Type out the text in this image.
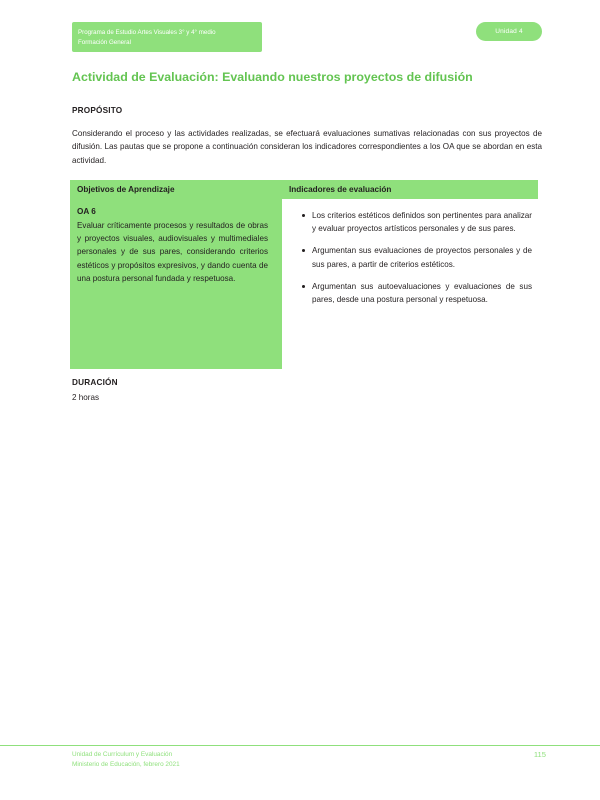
Programa de Estudio Artes Visuales 3° y 4° medio
Formación General
Unidad 4
Actividad de Evaluación: Evaluando nuestros proyectos de difusión
PROPÓSITO
Considerando el proceso y las actividades realizadas, se efectuará evaluaciones sumativas relacionadas con sus proyectos de difusión. Las pautas que se propone a continuación consideran los indicadores correspondientes a los OA que se abordan en esta actividad.
Objetivos de Aprendizaje	Indicadores de evaluación
OA 6
Evaluar críticamente procesos y resultados de obras y proyectos visuales, audiovisuales y multimediales personales y de sus pares, considerando criterios estéticos y propósitos expresivos, y dando cuenta de una postura personal fundada y respetuosa.
Los criterios estéticos definidos son pertinentes para analizar y evaluar proyectos artísticos personales y de sus pares.
Argumentan sus evaluaciones de proyectos personales y de sus pares, a partir de criterios estéticos.
Argumentan sus autoevaluaciones y evaluaciones de sus pares, desde una postura personal y respetuosa.
DURACIÓN
2 horas
Unidad de Currículum y Evaluación
Ministerio de Educación, febrero 2021
115
